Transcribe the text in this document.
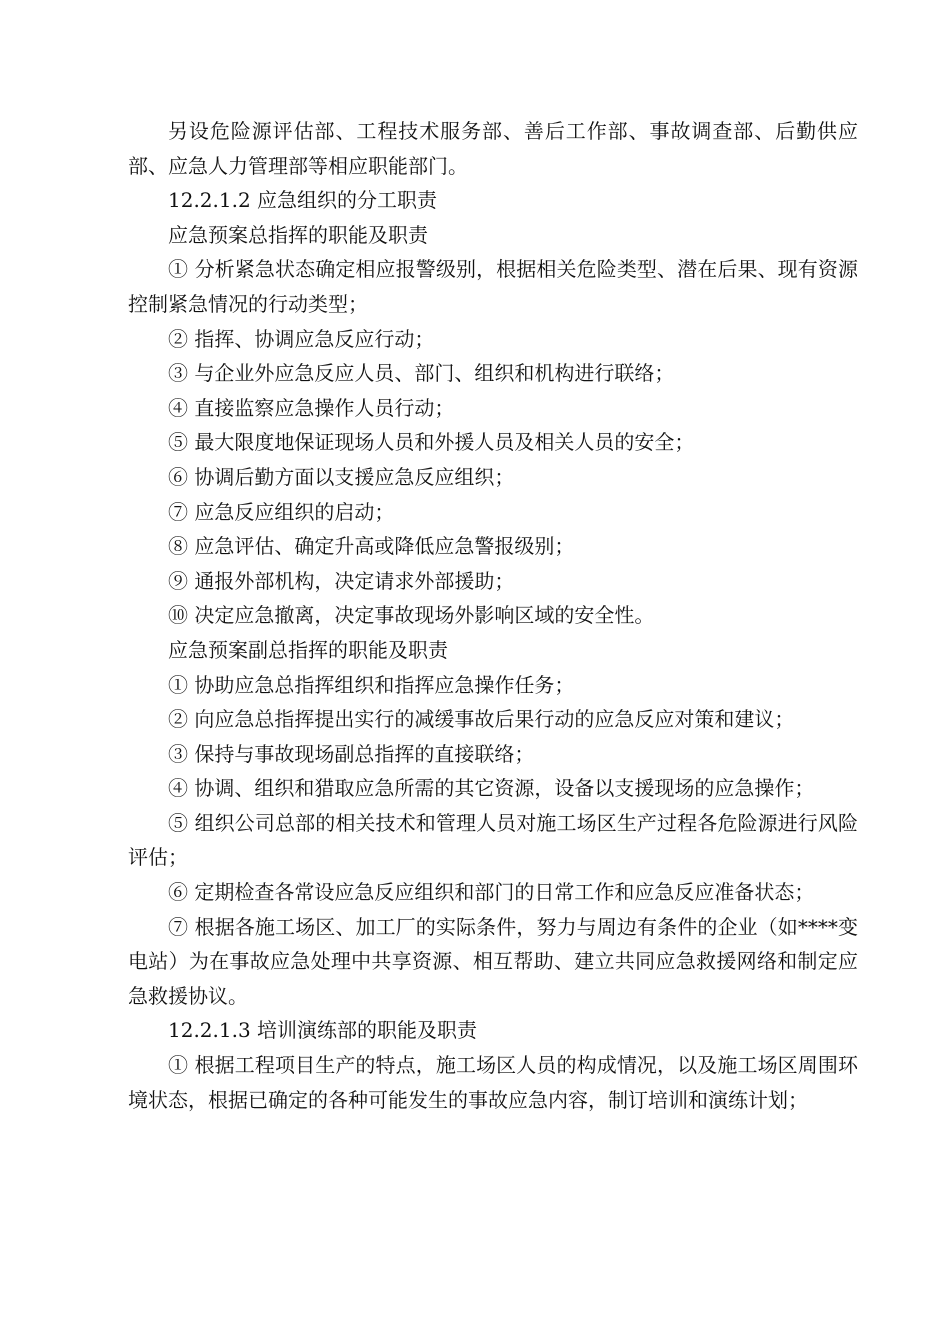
另设危险源评估部、工程技术服务部、善后工作部、事故调查部、后勤供应部、应急人力管理部等相应职能部门。

12.2.1.2 应急组织的分工职责

应急预案总指挥的职能及职责

① 分析紧急状态确定相应报警级别，根据相关危险类型、潜在后果、现有资源控制紧急情况的行动类型；

② 指挥、协调应急反应行动；

③ 与企业外应急反应人员、部门、组织和机构进行联络；

④ 直接监察应急操作人员行动；

⑤ 最大限度地保证现场人员和外援人员及相关人员的安全；

⑥ 协调后勤方面以支援应急反应组织；

⑦ 应急反应组织的启动；

⑧ 应急评估、确定升高或降低应急警报级别；

⑨ 通报外部机构，决定请求外部援助；

⑩ 决定应急撤离，决定事故现场外影响区域的安全性。

应急预案副总指挥的职能及职责

① 协助应急总指挥组织和指挥应急操作任务；

② 向应急总指挥提出实行的减缓事故后果行动的应急反应对策和建议；

③ 保持与事故现场副总指挥的直接联络；

④ 协调、组织和猎取应急所需的其它资源，设备以支援现场的应急操作；

⑤ 组织公司总部的相关技术和管理人员对施工场区生产过程各危险源进行风险评估；

⑥ 定期检查各常设应急反应组织和部门的日常工作和应急反应准备状态；

⑦ 根据各施工场区、加工厂的实际条件，努力与周边有条件的企业（如****变电站）为在事故应急处理中共享资源、相互帮助、建立共同应急救援网络和制定应急救援协议。

12.2.1.3 培训演练部的职能及职责

① 根据工程项目生产的特点，施工场区人员的构成情况，以及施工场区周围环境状态，根据已确定的各种可能发生的事故应急内容，制订培训和演练计划；
